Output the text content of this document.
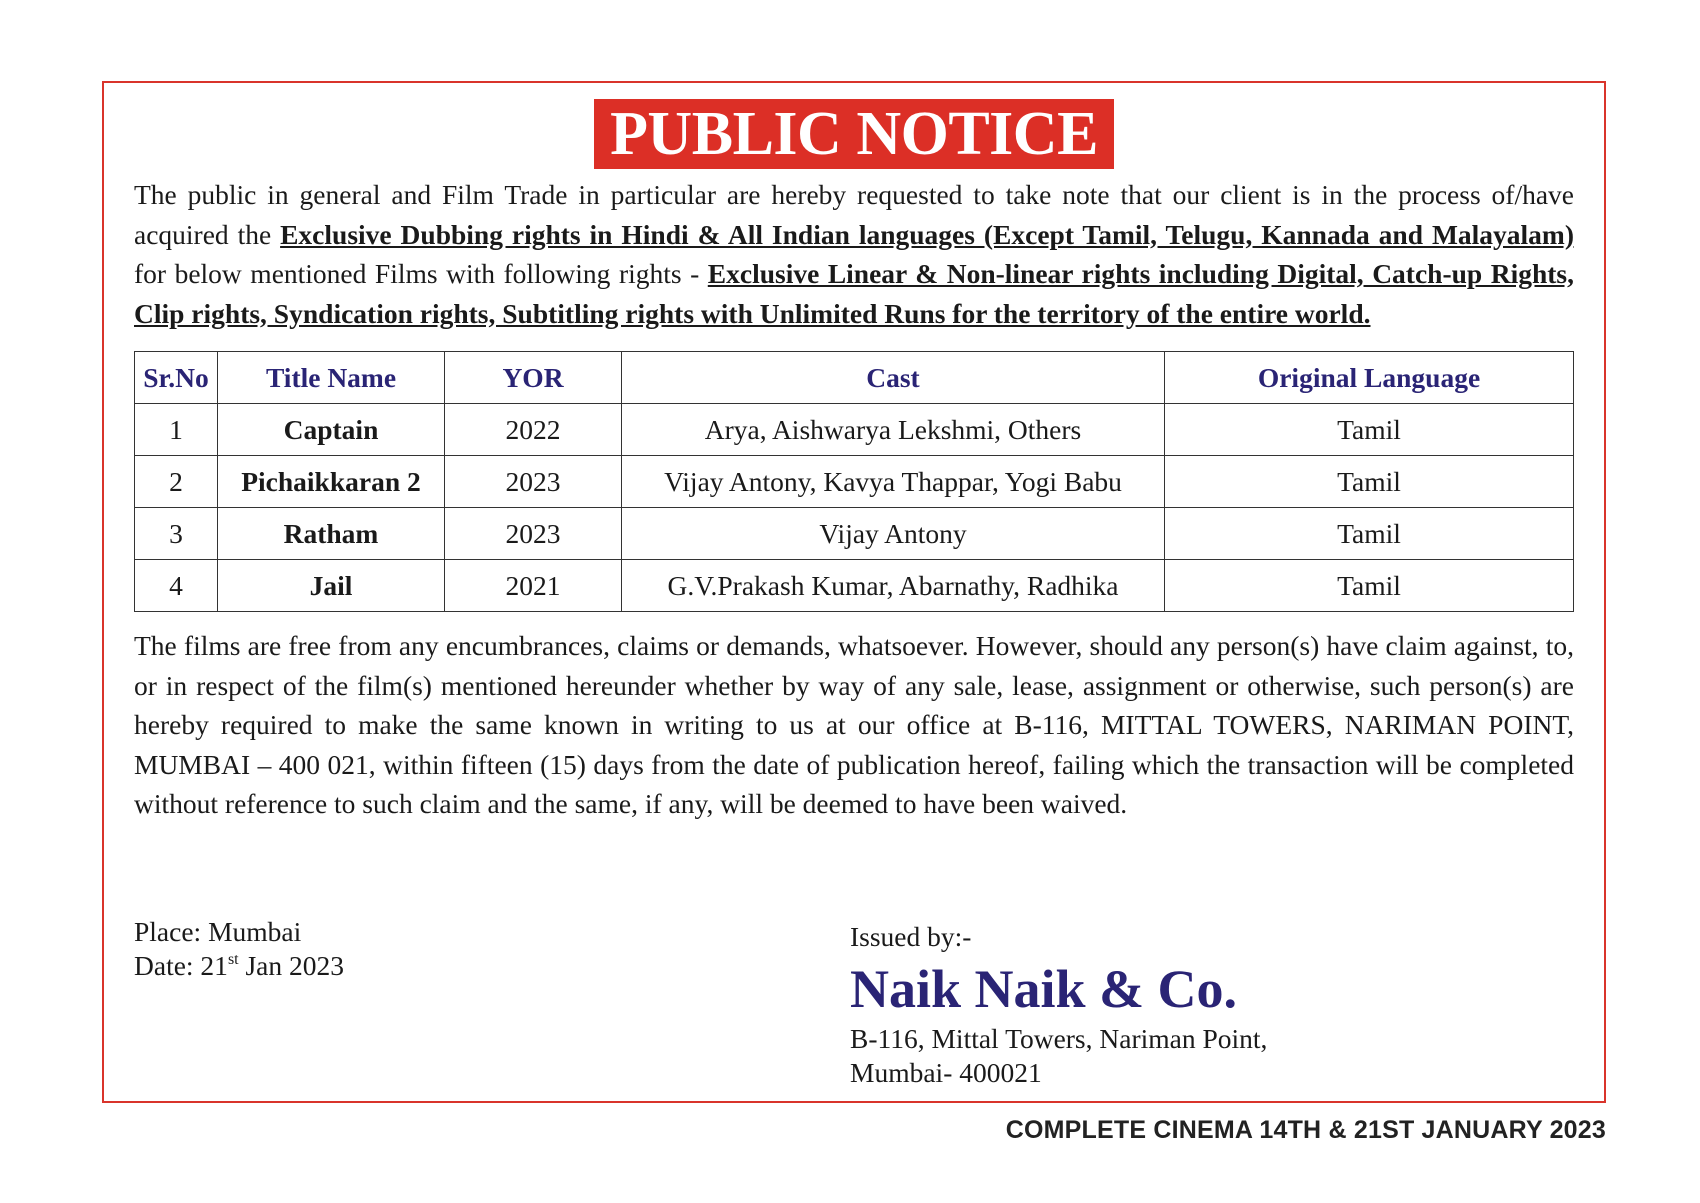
PUBLIC NOTICE

The public in general and Film Trade in particular are hereby requested to take note that our client is in the process of/have acquired the Exclusive Dubbing rights in Hindi & All Indian languages (Except Tamil, Telugu, Kannada and Malayalam) for below mentioned Films with following rights - Exclusive Linear & Non-linear rights including Digital, Catch-up Rights, Clip rights, Syndication rights, Subtitling rights with Unlimited Runs for the territory of the entire world.

Sr.No	Title Name	YOR	Cast	Original Language
1	Captain	2022	Arya, Aishwarya Lekshmi, Others	Tamil
2	Pichaikkaran 2	2023	Vijay Antony, Kavya Thappar, Yogi Babu	Tamil
3	Ratham	2023	Vijay Antony	Tamil
4	Jail	2021	G.V.Prakash Kumar, Abarnathy, Radhika	Tamil

The films are free from any encumbrances, claims or demands, whatsoever. However, should any person(s) have claim against, to, or in respect of the film(s) mentioned hereunder whether by way of any sale, lease, assignment or otherwise, such person(s) are hereby required to make the same known in writing to us at our office at B-116, MITTAL TOWERS, NARIMAN POINT, MUMBAI – 400 021, within fifteen (15) days from the date of publication hereof, failing which the transaction will be completed without reference to such claim and the same, if any, will be deemed to have been waived.

Place: Mumbai
Date: 21st Jan 2023
Issued by:-
Naik Naik & Co.
B-116, Mittal Towers, Nariman Point,
Mumbai- 400021
COMPLETE CINEMA 14TH & 21ST JANUARY 2023
